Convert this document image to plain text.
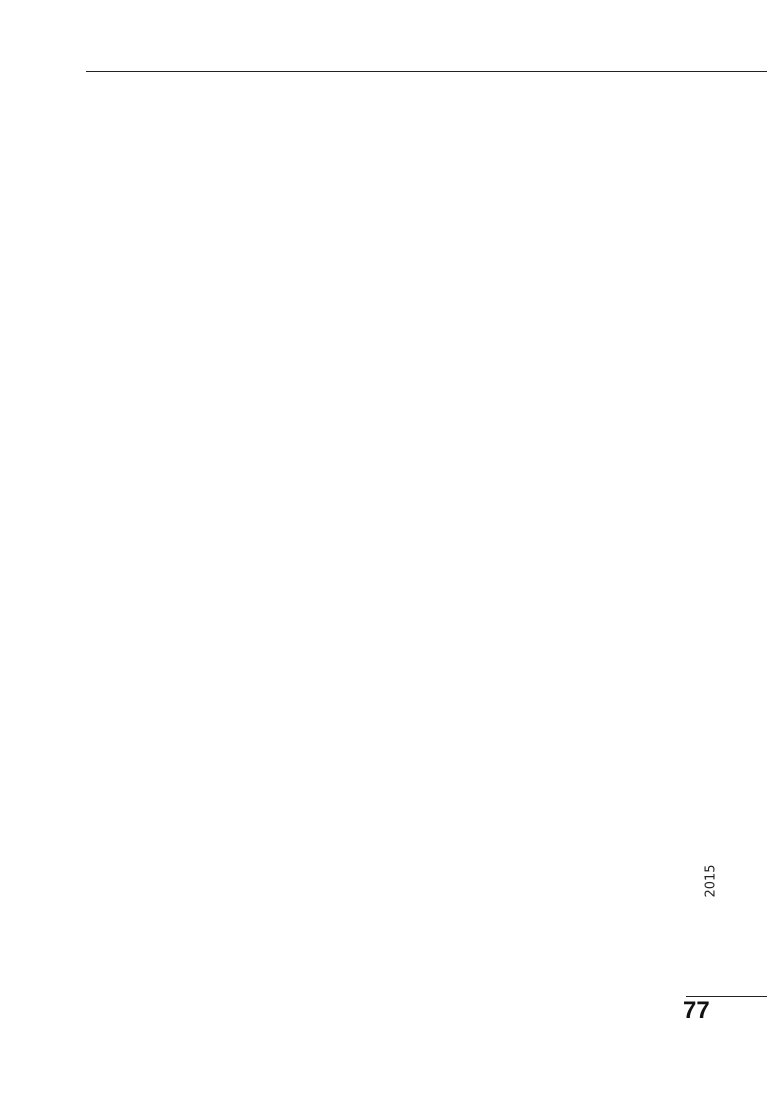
2015
77
